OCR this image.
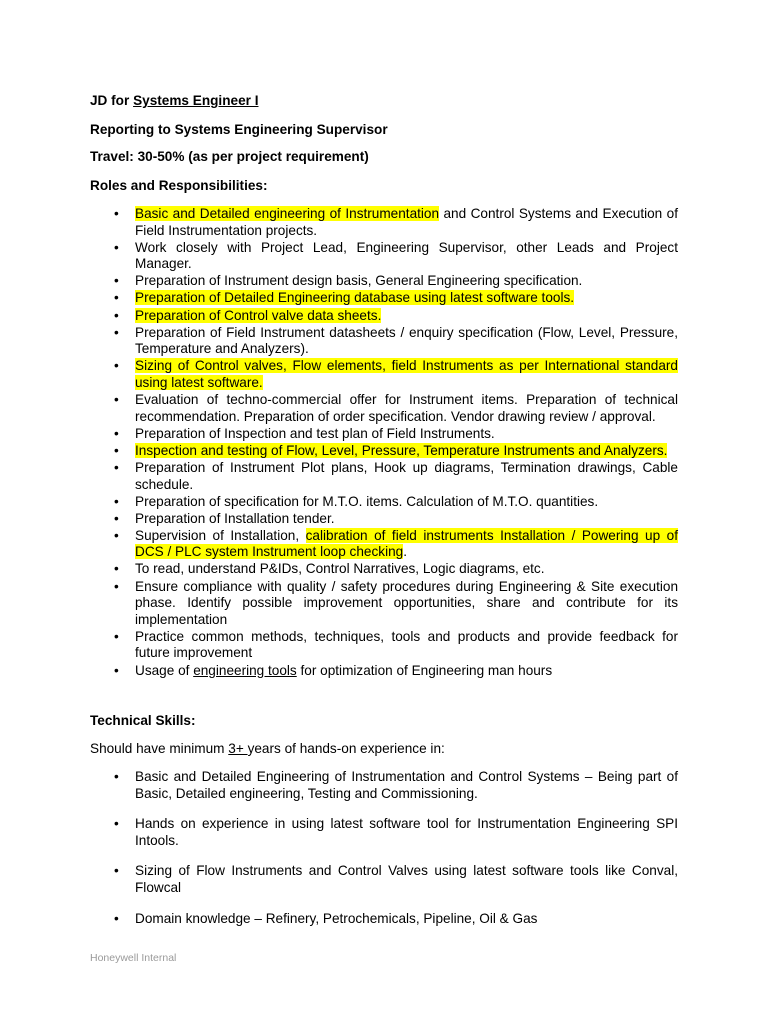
JD for Systems Engineer I
Reporting to Systems Engineering Supervisor
Travel: 30-50% (as per project requirement)
Roles and Responsibilities:
• Basic and Detailed engineering of Instrumentation and Control Systems and Execution of Field Instrumentation projects.
• Work closely with Project Lead, Engineering Supervisor, other Leads and Project Manager.
• Preparation of Instrument design basis, General Engineering specification.
• Preparation of Detailed Engineering database using latest software tools.
• Preparation of Control valve data sheets.
• Preparation of Field Instrument datasheets / enquiry specification (Flow, Level, Pressure, Temperature and Analyzers).
• Sizing of Control valves, Flow elements, field Instruments as per International standard using latest software.
• Evaluation of techno-commercial offer for Instrument items. Preparation of technical recommendation. Preparation of order specification. Vendor drawing review / approval.
• Preparation of Inspection and test plan of Field Instruments.
• Inspection and testing of Flow, Level, Pressure, Temperature Instruments and Analyzers.
• Preparation of Instrument Plot plans, Hook up diagrams, Termination drawings, Cable schedule.
• Preparation of specification for M.T.O. items. Calculation of M.T.O. quantities.
• Preparation of Installation tender.
• Supervision of Installation, calibration of field instruments Installation / Powering up of DCS / PLC system Instrument loop checking.
• To read, understand P&IDs, Control Narratives, Logic diagrams, etc.
• Ensure compliance with quality / safety procedures during Engineering & Site execution phase. Identify possible improvement opportunities, share and contribute for its implementation
• Practice common methods, techniques, tools and products and provide feedback for future improvement
• Usage of engineering tools for optimization of Engineering man hours
Technical Skills:
Should have minimum 3+ years of hands-on experience in:
• Basic and Detailed Engineering of Instrumentation and Control Systems – Being part of Basic, Detailed engineering, Testing and Commissioning.
• Hands on experience in using latest software tool for Instrumentation Engineering SPI Intools.
• Sizing of Flow Instruments and Control Valves using latest software tools like Conval, Flowcal
• Domain knowledge – Refinery, Petrochemicals, Pipeline, Oil & Gas
Honeywell Internal
